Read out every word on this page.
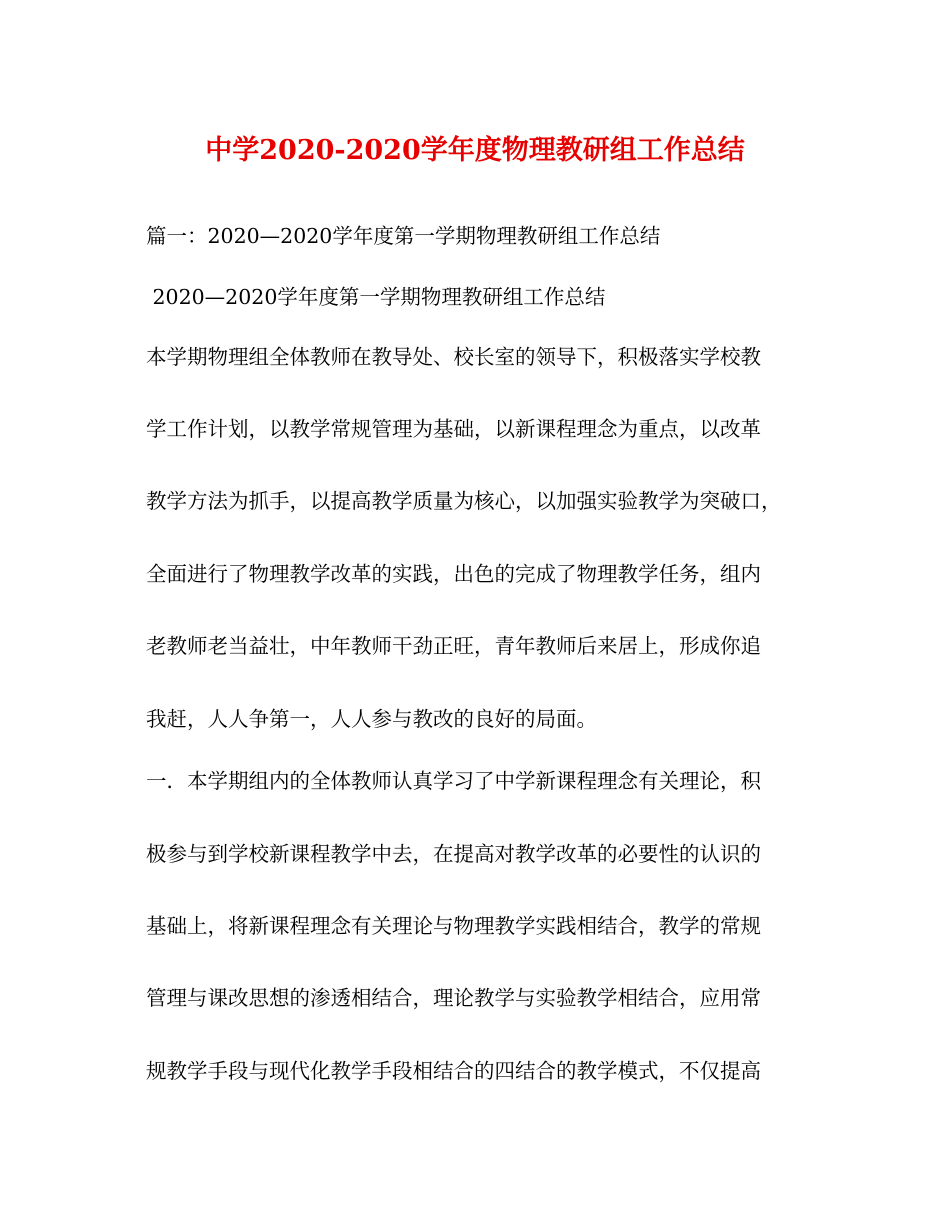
中学2020-2020学年度物理教研组工作总结

篇一：2020—2020学年度第一学期物理教研组工作总结

2020—2020学年度第一学期物理教研组工作总结

本学期物理组全体教师在教导处、校长室的领导下，积极落实学校教

学工作计划，以教学常规管理为基础，以新课程理念为重点，以改革

教学方法为抓手，以提高教学质量为核心，以加强实验教学为突破口，

全面进行了物理教学改革的实践，出色的完成了物理教学任务，组内

老教师老当益壮，中年教师干劲正旺，青年教师后来居上，形成你追

我赶，人人争第一，人人参与教改的良好的局面。

一．本学期组内的全体教师认真学习了中学新课程理念有关理论，积

极参与到学校新课程教学中去，在提高对教学改革的必要性的认识的

基础上，将新课程理念有关理论与物理教学实践相结合，教学的常规

管理与课改思想的渗透相结合，理论教学与实验教学相结合，应用常

规教学手段与现代化教学手段相结合的四结合的教学模式，不仅提高
